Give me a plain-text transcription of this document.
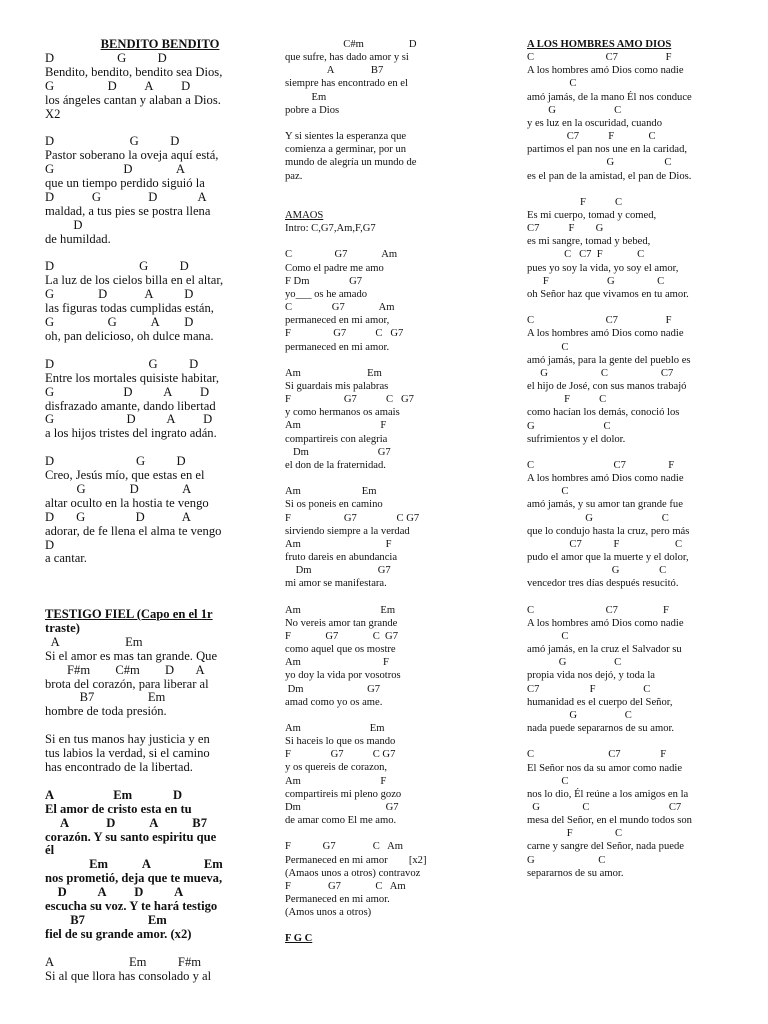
BENDITO BENDITO
D                    G          D
Bendito, bendito, bendito sea Dios,
G                 D         A         D
los ángeles cantan y alaban a Dios.
X2
D                        G          D
Pastor soberano la oveja aquí está,
G                      D              A
que un tiempo perdido siguió la
D            G               D             A
maldad, a tus pies se postra llena
D
de humildad.
D                           G          D
La luz de los cielos billa en el altar,
G              D            A          D
las figuras todas cumplidas están,
G                 G           A        D
oh, pan delicioso, oh dulce mana.
D                              G          D
Entre los mortales quisiste habitar,
G                      D          A         D
disfrazado amante, dando libertad
G                       D          A         D
a los hijos tristes del ingrato adán.
D                          G          D
Creo, Jesús mío, que estas en el
G              D              A
altar oculto en la hostia te vengo
D       G                D            A
adorar, de fe llena el alma te vengo
D
a cantar.
TESTIGO FIEL (Capo en el 1r
traste)
A                     Em
Si el amor es mas tan grande. Que
F#m        C#m        D       A
brota del corazón, para liberar al
B7                 Em
hombre de toda presión.
Si en tus manos hay justicia y en
tus labios la verdad, si el camino
has encontrado de la libertad.
A                   Em             D
El amor de cristo esta en tu
A            D           A           B7
corazón. Y su santo espiritu que
él
Em           A                 Em
nos prometió, deja que te mueva,
D          A         D          A
escucha su voz. Y te hará testigo
B7                    Em
fiel de su grande amor. (x2)
A                        Em          F#m
Si al que llora has consolado y al
C#m                 D
que sufre, has dado amor y si
A              B7
siempre has encontrado en el
Em
pobre a Dios
Y si sientes la esperanza que
comienza a germinar, por un
mundo de alegría un mundo de
paz.
AMAOS
Intro: C,G7,Am,F,G7
C                G7             Am
Como el padre me amo
F Dm               G7
yo___ os he amado
C               G7             Am
permaneced en mi amor,
F                G7           C   G7
permaneced en mi amor.
Am                         Em
Si guardais mis palabras
F                    G7           C   G7
y como hermanos os amais
Am                              F
compartireis con alegria
Dm                          G7
el don de la fraternidad.
Am                       Em
Si os poneis en camino
F                    G7               C G7
sirviendo siempre a la verdad
Am                                F
fruto dareis en abundancia
Dm                         G7
mi amor se manifestara.
Am                              Em
No vereis amor tan grande
F             G7             C  G7
como aquel que os mostre
Am                               F
yo doy la vida por vosotros
Dm                        G7
amad como yo os ame.
Am                          Em
Si haceis lo que os mando
F               G7           C G7
y os quereis de corazon,
Am                              F
compartireis mi pleno gozo
Dm                                G7
de amar como El me amo.
F            G7              C   Am
Permaneced en mi amor        [x2]
(Amaos unos a otros) contravoz
F              G7             C   Am
Permaneced en mi amor.
(Amos unos a otros)
F G C
A LOS HOMBRES AMO DIOS
C                           C7                  F
A los hombres amó Dios como nadie
C
amó jamás, de la mano Él nos conduce
G                      C
y es luz en la oscuridad, cuando
C7           F             C
partimos el pan nos une en la caridad,
G                   C
es el pan de la amistad, el pan de Dios.
F           C
Es mi cuerpo, tomad y comed,
C7           F        G
es mi sangre, tomad y bebed,
C   C7  F             C
pues yo soy la vida, yo soy el amor,
F                      G                C
oh Señor haz que vivamos en tu amor.
C                           C7                  F
A los hombres amó Dios como nadie
C
amó jamás, para la gente del pueblo es
G                    C                    C7
el hijo de José, con sus manos trabajó
F           C
como hacían los demás, conoció los
G                          C
sufrimientos y el dolor.
C                              C7                F
A los hombres amó Dios como nadie
C
amó jamás, y su amor tan grande fue
G                          C
que lo condujo hasta la cruz, pero más
C7            F                     C
pudo el amor que la muerte y el dolor,
G               C
vencedor tres días después resucitó.
C                           C7                 F
A los hombres amó Dios como nadie
C
amó jamás, en la cruz el Salvador su
G                  C
propia vida nos dejó, y toda la
C7                   F                  C
humanidad es el cuerpo del Señor,
G                  C
nada puede separarnos de su amor.
C                            C7               F
El Señor nos da su amor como nadie
C
nos lo dio, Él reúne a los amigos en la
G                C                              C7
mesa del Señor, en el mundo todos son
F                C
carne y sangre del Señor, nada puede
G                        C
separarnos de su amor.
